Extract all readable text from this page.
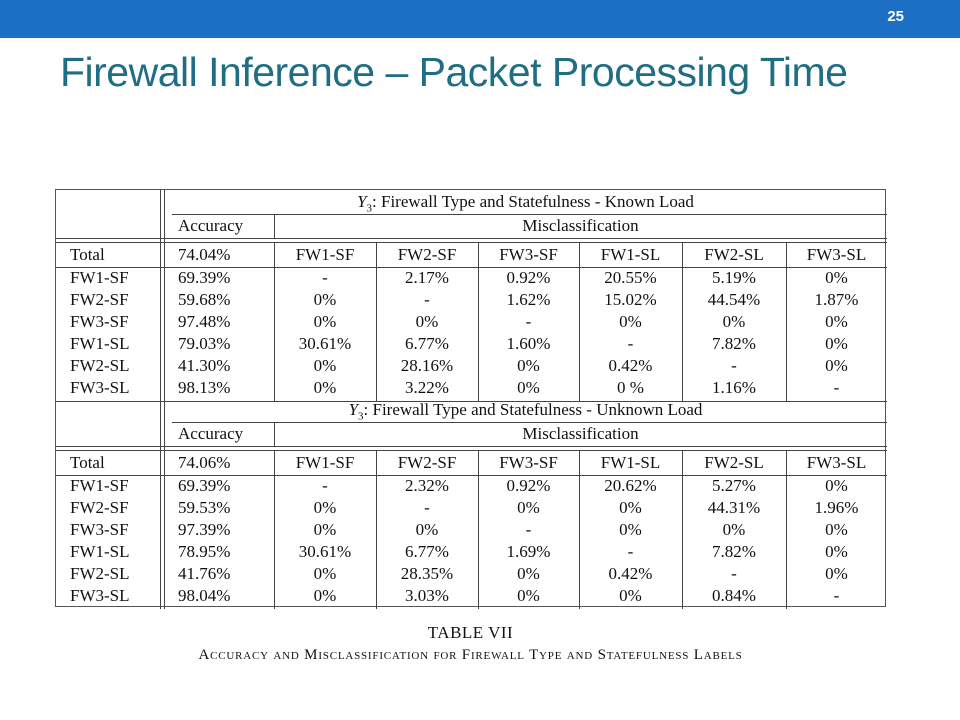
25
Firewall Inference – Packet Processing Time
$Y_3$: Firewall Type and Statefulness - Known Load
Accuracy	Misclassification
Total	74.04%	FW1-SF	FW2-SF	FW3-SF	FW1-SL	FW2-SL	FW3-SL
FW1-SF	69.39%	-	2.17%	0.92%	20.55%	5.19%	0%
FW2-SF	59.68%	0%	-	1.62%	15.02%	44.54%	1.87%
FW3-SF	97.48%	0%	0%	-	0%	0%	0%
FW1-SL	79.03%	30.61%	6.77%	1.60%	-	7.82%	0%
FW2-SL	41.30%	0%	28.16%	0%	0.42%	-	0%
FW3-SL	98.13%	0%	3.22%	0%	0 %	1.16%	-
$Y_3$: Firewall Type and Statefulness - Unknown Load
Accuracy	Misclassification
Total	74.06%	FW1-SF	FW2-SF	FW3-SF	FW1-SL	FW2-SL	FW3-SL
FW1-SF	69.39%	-	2.32%	0.92%	20.62%	5.27%	0%
FW2-SF	59.53%	0%	-	0%	0%	44.31%	1.96%
FW3-SF	97.39%	0%	0%	-	0%	0%	0%
FW1-SL	78.95%	30.61%	6.77%	1.69%	-	7.82%	0%
FW2-SL	41.76%	0%	28.35%	0%	0.42%	-	0%
FW3-SL	98.04%	0%	3.03%	0%	0%	0.84%	-
TABLE VII
Accuracy and Misclassification for Firewall Type and Statefulness Labels
